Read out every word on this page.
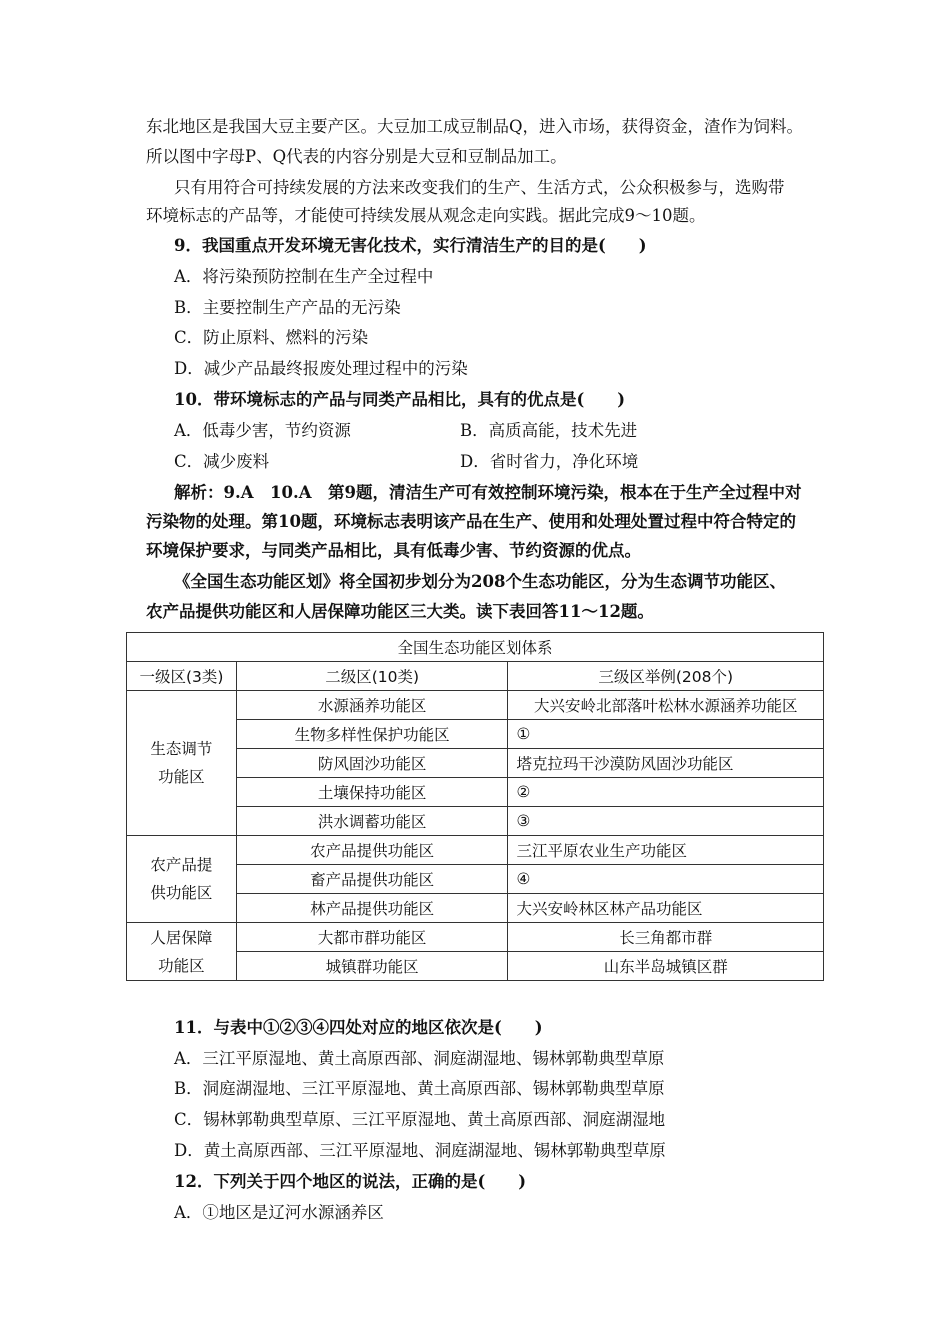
东北地区是我国大豆主要产区。大豆加工成豆制品Q，进入市场，获得资金，渣作为饲料。
所以图中字母P、Q代表的内容分别是大豆和豆制品加工。
只有用符合可持续发展的方法来改变我们的生产、生活方式，公众积极参与，选购带
环境标志的产品等，才能使可持续发展从观念走向实践。据此完成9～10题。
9．我国重点开发环境无害化技术，实行清洁生产的目的是(　　)
A．将污染预防控制在生产全过程中
B．主要控制生产产品的无污染
C．防止原料、燃料的污染
D．减少产品最终报废处理过程中的污染
10．带环境标志的产品与同类产品相比，具有的优点是(　　)
A．低毒少害，节约资源	B．高质高能，技术先进
C．减少废料	D．省时省力，净化环境
解析：9.A　10.A　第9题，清洁生产可有效控制环境污染，根本在于生产全过程中对
污染物的处理。第10题，环境标志表明该产品在生产、使用和处理处置过程中符合特定的
环境保护要求，与同类产品相比，具有低毒少害、节约资源的优点。
《全国生态功能区划》将全国初步划分为208个生态功能区，分为生态调节功能区、
农产品提供功能区和人居保障功能区三大类。读下表回答11～12题。
全国生态功能区划体系		
一级区(3类)	二级区(10类)	三级区举例(208个)
生态调节
功能区	水源涵养功能区	大兴安岭北部落叶松林水源涵养功能区
	生物多样性保护功能区	①
	防风固沙功能区	塔克拉玛干沙漠防风固沙功能区
	土壤保持功能区	②
	洪水调蓄功能区	③
农产品提
供功能区	农产品提供功能区	三江平原农业生产功能区
	畜产品提供功能区	④
	林产品提供功能区	大兴安岭林区林产品功能区
人居保障
功能区	大都市群功能区	长三角都市群
	城镇群功能区	山东半岛城镇区群
11．与表中①②③④四处对应的地区依次是(　　)
A．三江平原湿地、黄土高原西部、洞庭湖湿地、锡林郭勒典型草原
B．洞庭湖湿地、三江平原湿地、黄土高原西部、锡林郭勒典型草原
C．锡林郭勒典型草原、三江平原湿地、黄土高原西部、洞庭湖湿地
D．黄土高原西部、三江平原湿地、洞庭湖湿地、锡林郭勒典型草原
12．下列关于四个地区的说法，正确的是(　　)
A．①地区是辽河水源涵养区
